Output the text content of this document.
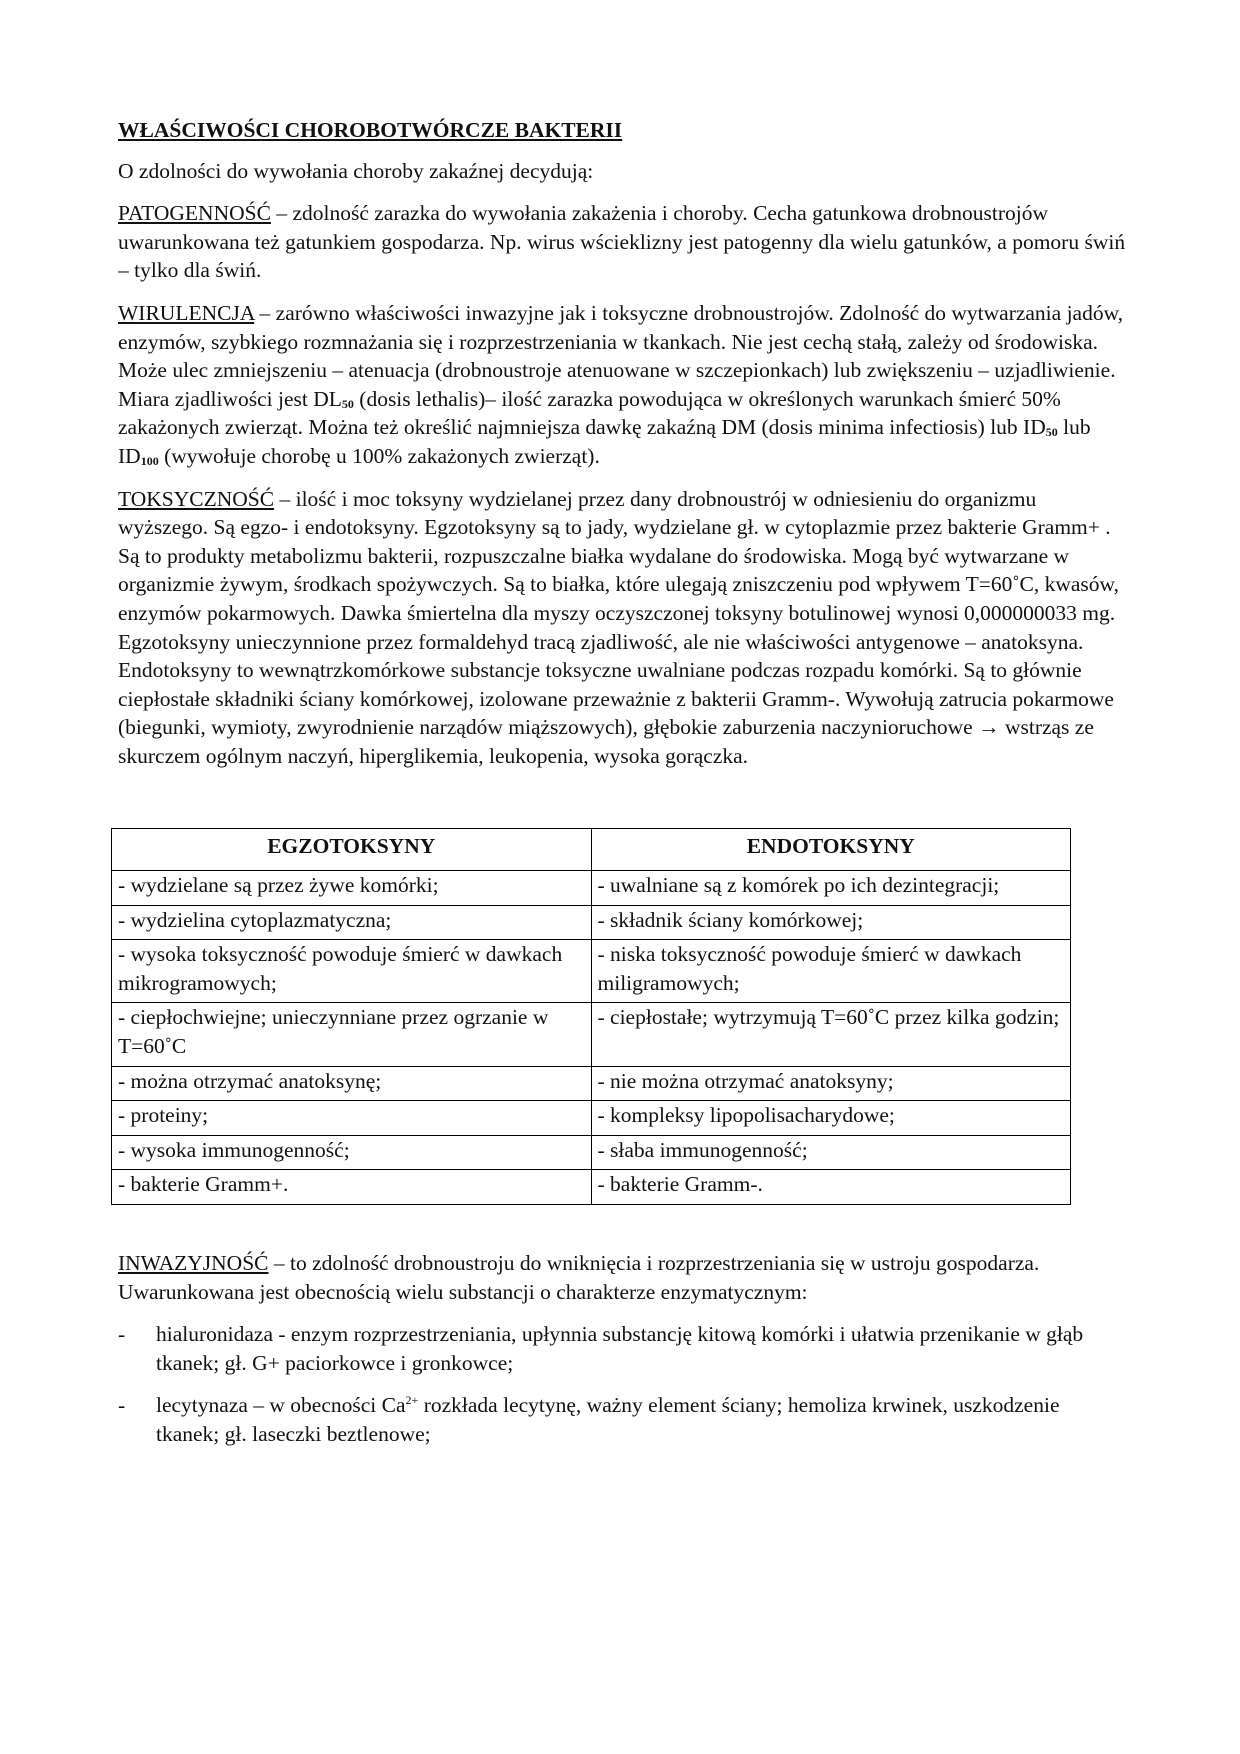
WŁAŚCIWOŚCI CHOROBOTWÓRCZE BAKTERII

O zdolności do wywołania choroby zakaźnej decydują:

PATOGENNOŚĆ – zdolność zarazka do wywołania zakażenia i choroby. Cecha gatunkowa drobnoustrojów uwarunkowana też gatunkiem gospodarza. Np. wirus wścieklizny jest patogenny dla wielu gatunków, a pomoru świń – tylko dla świń.

WIRULENCJA – zarówno właściwości inwazyjne jak i toksyczne drobnoustrojów. Zdolność do wytwarzania jadów, enzymów, szybkiego rozmnażania się i rozprzestrzeniania w tkankach. Nie jest cechą stałą, zależy od środowiska. Może ulec zmniejszeniu – atenuacja (drobnoustroje atenuowane w szczepionkach) lub zwiększeniu – uzjadliwienie. Miara zjadliwości jest $DL_{50}$ (dosis lethalis)– ilość zarazka powodująca w określonych warunkach śmierć 50% zakażonych zwierząt. Można też określić najmniejsza dawkę zakaźną DM (dosis minima infectiosis) lub $ID_{50}$ lub $ID_{100}$ (wywołuje chorobę u 100% zakażonych zwierząt).

TOKSYCZNOŚĆ – ilość i moc toksyny wydzielanej przez dany drobnoustrój w odniesieniu do organizmu wyższego. Są egzo- i endotoksyny. Egzotoksyny są to jady, wydzielane gł. w cytoplazmie przez bakterie Gramm+ . Są to produkty metabolizmu bakterii, rozpuszczalne białka wydalane do środowiska. Mogą być wytwarzane w organizmie żywym, środkach spożywczych. Są to białka, które ulegają zniszczeniu pod wpływem T=60˚C, kwasów, enzymów pokarmowych. Dawka śmiertelna dla myszy oczyszczonej toksyny botulinowej wynosi 0,000000033 mg. Egzotoksyny unieczynnione przez formaldehyd tracą zjadliwość, ale nie właściwości antygenowe – anatoksyna. Endotoksyny to wewnątrzkomórkowe substancje toksyczne uwalniane podczas rozpadu komórki. Są to głównie ciepłostałe składniki ściany komórkowej, izolowane przeważnie z bakterii Gramm-. Wywołują zatrucia pokarmowe (biegunki, wymioty, zwyrodnienie narządów miąższowych), głębokie zaburzenia naczynioruchowe → wstrząs ze skurczem ogólnym naczyń, hiperglikemia, leukopenia, wysoka gorączka.

EGZOTOKSYNY	ENDOTOKSYNY
- wydzielane są przez żywe komórki;	- uwalniane są z komórek po ich dezintegracji;
- wydzielina cytoplazmatyczna;	- składnik ściany komórkowej;
- wysoka toksyczność powoduje śmierć w dawkach mikrogramowych;	- niska toksyczność powoduje śmierć w dawkach miligramowych;
- ciepłochwiejne; unieczynniane przez ogrzanie w T=60˚C	- ciepłostałe; wytrzymują T=60˚C przez kilka godzin;
- można otrzymać anatoksynę;	- nie można otrzymać anatoksyny;
- proteiny;	- kompleksy lipopolisacharydowe;
- wysoka immunogenność;	- słaba immunogenność;
- bakterie Gramm+.	- bakterie Gramm-.

INWAZYJNOŚĆ – to zdolność drobnoustroju do wniknięcia i rozprzestrzeniania się w ustroju gospodarza. Uwarunkowana jest obecnością wielu substancji o charakterze enzymatycznym:

- hialuronidaza - enzym rozprzestrzeniania, upłynnia substancję kitową komórki i ułatwia przenikanie w głąb tkanek; gł. G+ paciorkowce i gronkowce;
- lecytynaza – w obecności $Ca^{2+}$ rozkłada lecytynę, ważny element ściany; hemoliza krwinek, uszkodzenie tkanek; gł. laseczki beztlenowe;
